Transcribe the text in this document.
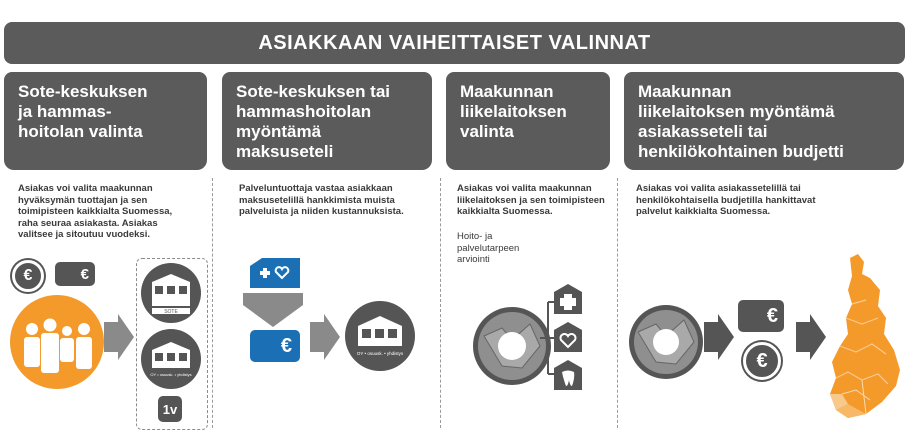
ASIAKKAAN VAIHEITTAISET VALINNAT
Sote-keskuksen
ja hammas-
hoitolan valinta
Sote-keskuksen tai
hammashoitolan
myöntämä
maksuseteli
Maakunnan
liikelaitoksen
valinta
Maakunnan
liikelaitoksen myöntämä
asiakasseteli tai
henkilökohtainen budjetti
Asiakas voi valita maakunnan hyväksymän tuottajan ja sen toimipisteen kaikkialta Suomessa, raha seuraa asiakasta. Asiakas valitsee ja sitoutuu vuodeksi.
Palveluntuottaja vastaa asiakkaan maksusetelillä hankkimista muista palveluista ja niiden kustannuksista.
Asiakas voi valita maakunnan liikelaitoksen ja sen toimipisteen kaikkialta Suomessa.
Hoito- ja palvelutarpeen arviointi
Asiakas voi valita asiakassetelillä tai henkilökohtaisella budjetilla hankittavat palvelut kaikkialta Suomessa.
€	€
SOTE
OY • osuusk. • yhdistys
1v
€	OY • osuusk. • yhdistys
€
€
